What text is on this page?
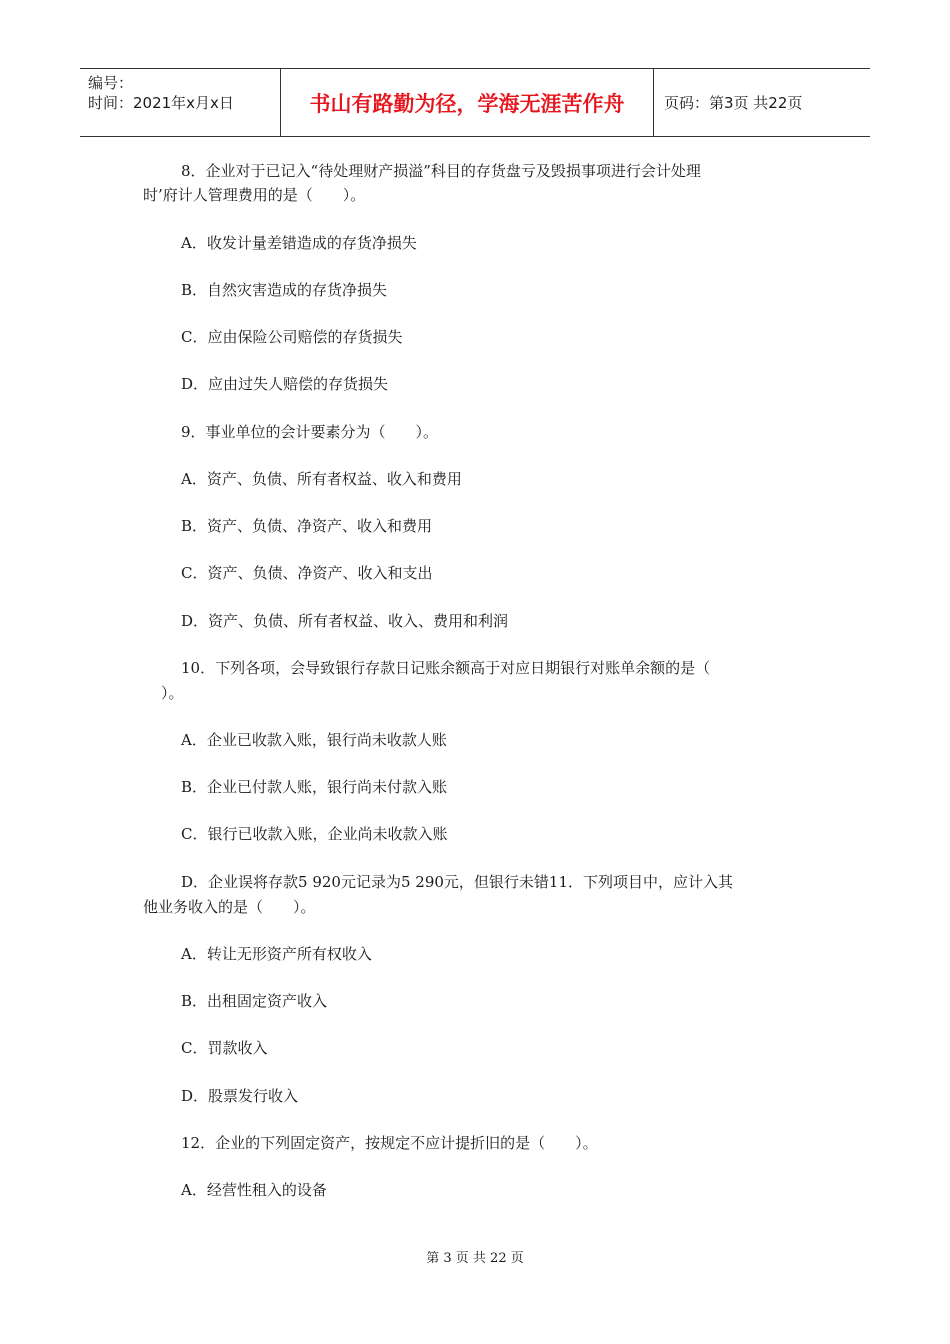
编号：
时间：2021年x月x日	书山有路勤为径，学海无涯苦作舟	页码：第3页 共22页
8．企业对于已记入“待处理财产损溢”科目的存货盘亏及毁损事项进行会计处理
时’府计人管理费用的是（　　）。
A．收发计量差错造成的存货净损失
B．自然灾害造成的存货净损失
C．应由保险公司赔偿的存货损失
D．应由过失人赔偿的存货损失
9．事业单位的会计要素分为（　　）。
A．资产、负债、所有者权益、收入和费用
B．资产、负债、净资产、收入和费用
C．资产、负债、净资产、收入和支出
D．资产、负债、所有者权益、收入、费用和利润
10．下列各项，会导致银行存款日记账余额高于对应日期银行对账单余额的是（
）。
A．企业已收款入账，银行尚未收款人账
B．企业已付款人账，银行尚未付款入账
C．银行已收款入账，企业尚未收款入账
D．企业误将存款5 920元记录为5 290元，但银行未错11．下列项目中，应计入其
他业务收入的是（　　）。
A．转让无形资产所有权收入
B．出租固定资产收入
C．罚款收入
D．股票发行收入
12．企业的下列固定资产，按规定不应计提折旧的是（　　）。
A．经营性租入的设备
第 3 页 共 22 页
